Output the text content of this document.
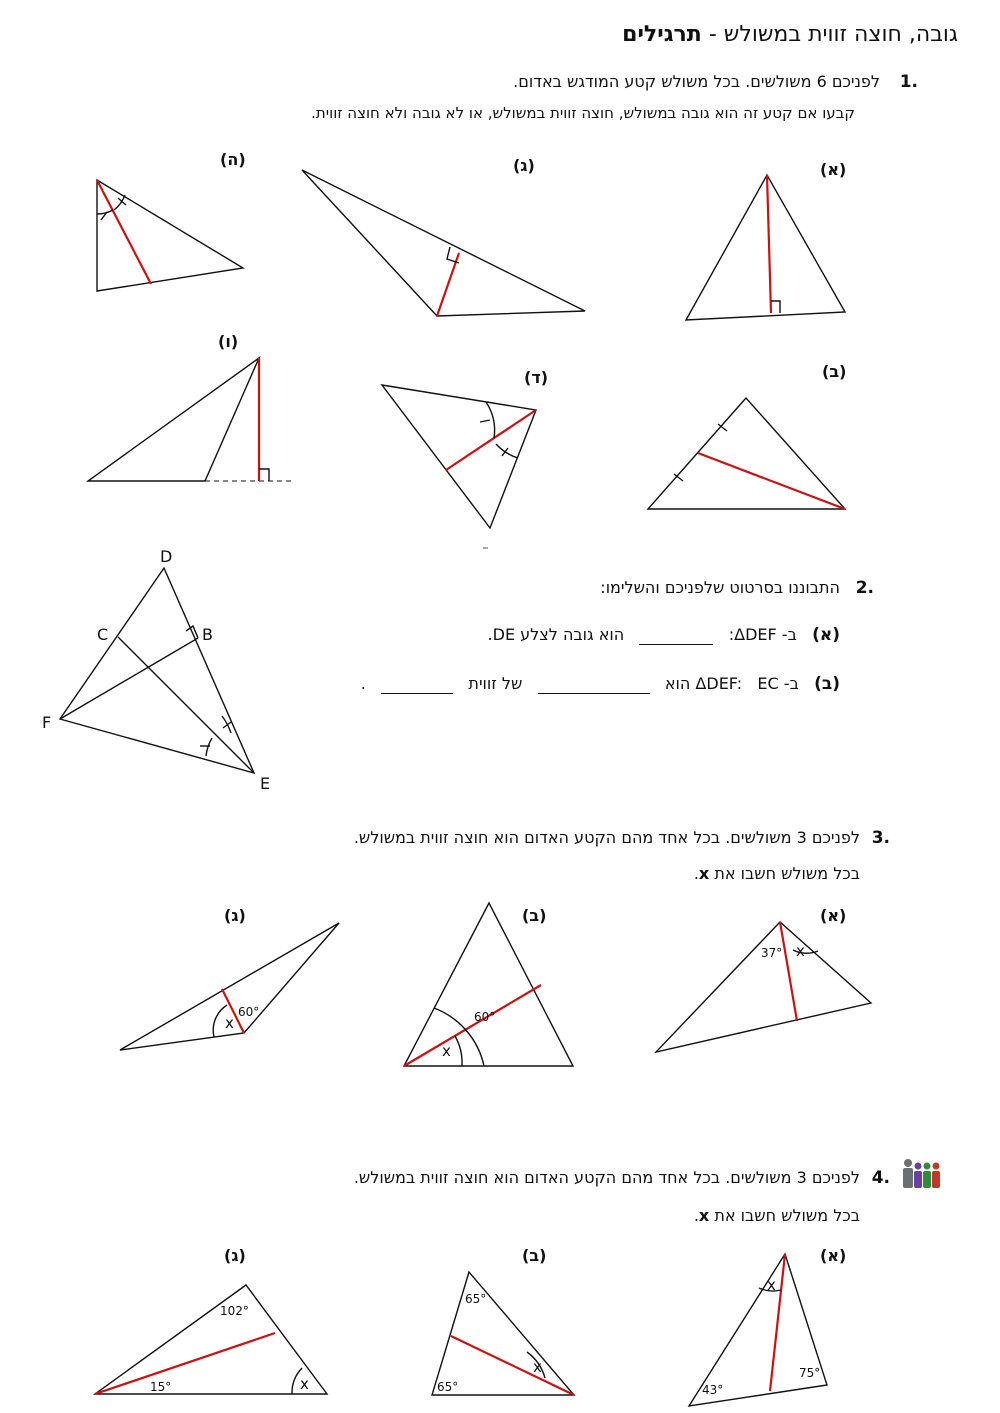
גובה, חוצה זווית במשולש - תרגילים
לפניכם 6 משולשים. בכל משולש קטע המודגש באדום. 1.
קבעו אם קטע זה הוא גובה במשולש, חוצה זווית במשולש, או לא גובה ולא חוצה זווית.
(א)
(ב)
(ג)
(ד)
(ה)
(ו)
2.
התבוננו בסרטוט שלפניכם והשלימו:
(א)   ב- ΔDEF:      הוא גובה לצלע DE.
(ב)   ב- ΔDEF:   EC הוא      של זווית      .
3.
לפניכם 3 משולשים. בכל אחד מהם הקטע האדום הוא חוצה זווית במשולש.
בכל משולש חשבו את x.
(א)
(ב)
(ג)
4.
לפניכם 3 משולשים. בכל אחד מהם הקטע האדום הוא חוצה זווית במשולש.
בכל משולש חשבו את x.
(א)
(ב)
(ג)
D
C	B
F
E
37° x
60°
x
60°
x
x
43°
75°
65°
65°
x
102°
15°	x
